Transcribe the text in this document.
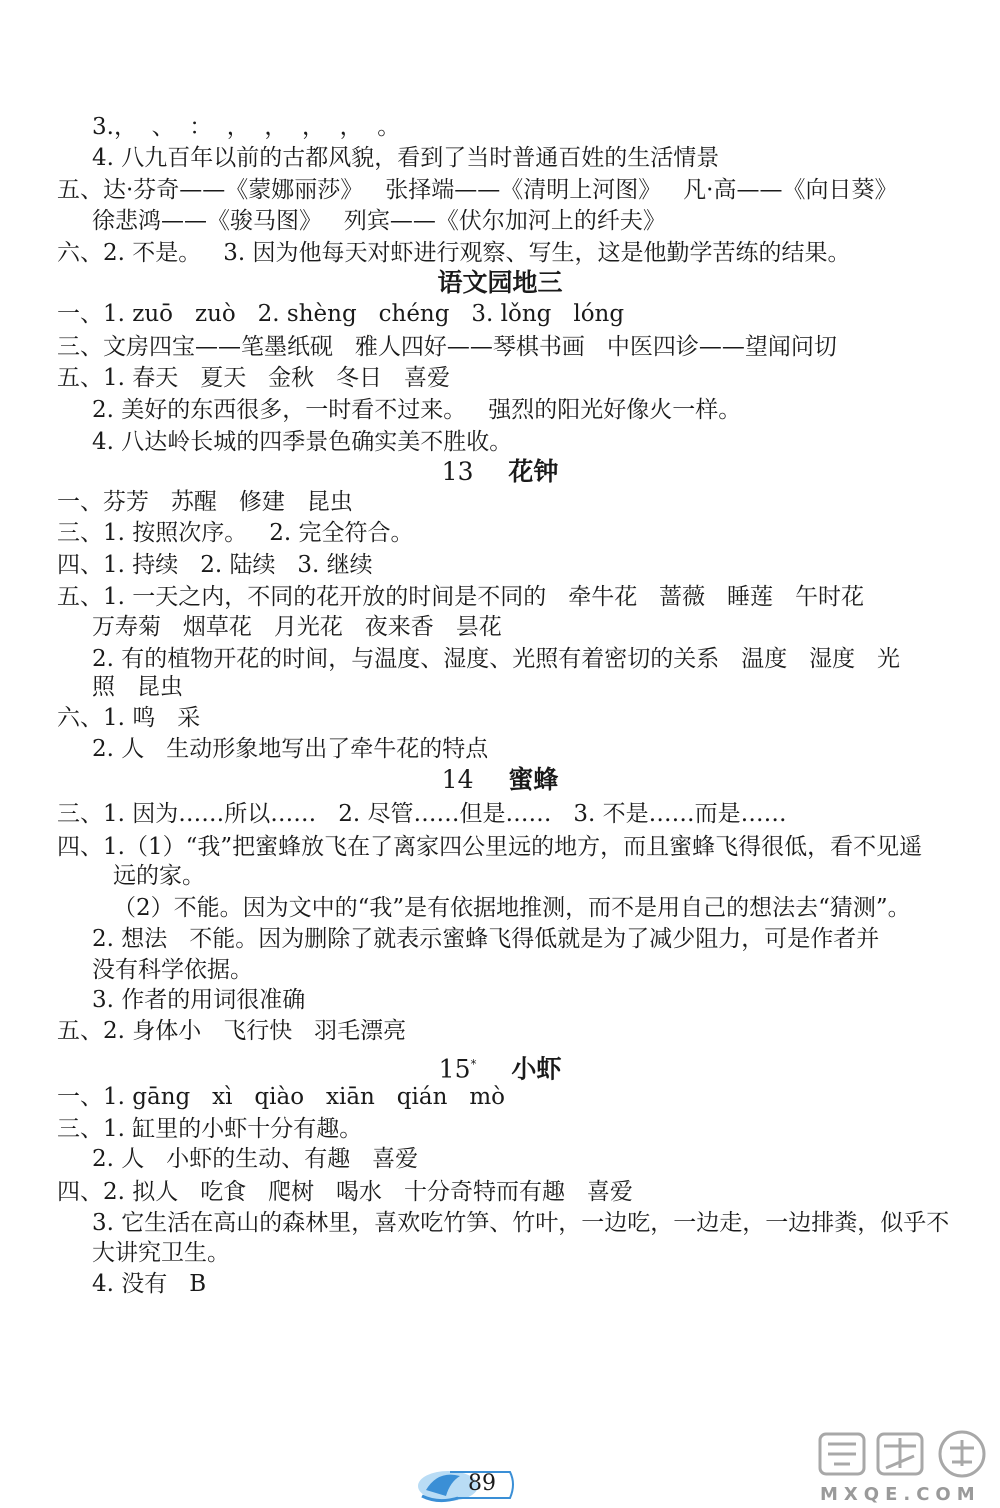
3.，  、  ：  ，  ，  ，  ，  。
4. 八九百年以前的古都风貌，看到了当时普通百姓的生活情景
五、达·芬奇——《蒙娜丽莎》   张择端——《清明上河图》   凡·高——《向日葵》
徐悲鸿——《骏马图》   列宾——《伏尔加河上的纤夫》
六、2. 不是。   3. 因为他每天对虾进行观察、写生，这是他勤学苦练的结果。
语文园地三
一、1. zuō   zuò   2. shèng   chéng   3. lǒng   lóng
三、文房四宝——笔墨纸砚   雅人四好——琴棋书画   中医四诊——望闻问切
五、1. 春天   夏天   金秋   冬日   喜爱
2. 美好的东西很多，一时看不过来。   强烈的阳光好像火一样。
4. 八达岭长城的四季景色确实美不胜收。
13 花钟
一、芬芳   苏醒   修建   昆虫
三、1. 按照次序。   2. 完全符合。
四、1. 持续   2. 陆续   3. 继续
五、1. 一天之内，不同的花开放的时间是不同的   牵牛花   蔷薇   睡莲   午时花
万寿菊   烟草花   月光花   夜来香   昙花
2. 有的植物开花的时间，与温度、湿度、光照有着密切的关系   温度   湿度   光
照   昆虫
六、1. 鸣   采
2. 人   生动形象地写出了牵牛花的特点
14 蜜蜂
三、1. 因为……所以……   2. 尽管……但是……   3. 不是……而是……
四、1.（1）“我”把蜜蜂放飞在了离家四公里远的地方，而且蜜蜂飞得很低，看不见遥
远的家。
（2）不能。因为文中的“我”是有依据地推测，而不是用自己的想法去“猜测”。
2. 想法   不能。因为删除了就表示蜜蜂飞得低就是为了减少阻力，可是作者并
没有科学依据。
3. 作者的用词很准确
五、2. 身体小   飞行快   羽毛漂亮
15* 小虾
一、1. gāng   xì   qiào   xiān   qián   mò
三、1. 缸里的小虾十分有趣。
2. 人   小虾的生动、有趣   喜爱
四、2. 拟人   吃食   爬树   喝水   十分奇特而有趣   喜爱
3. 它生活在高山的森林里，喜欢吃竹笋、竹叶，一边吃，一边走，一边排粪，似乎不
大讲究卫生。
4. 没有   B
89	MXQE.COM
